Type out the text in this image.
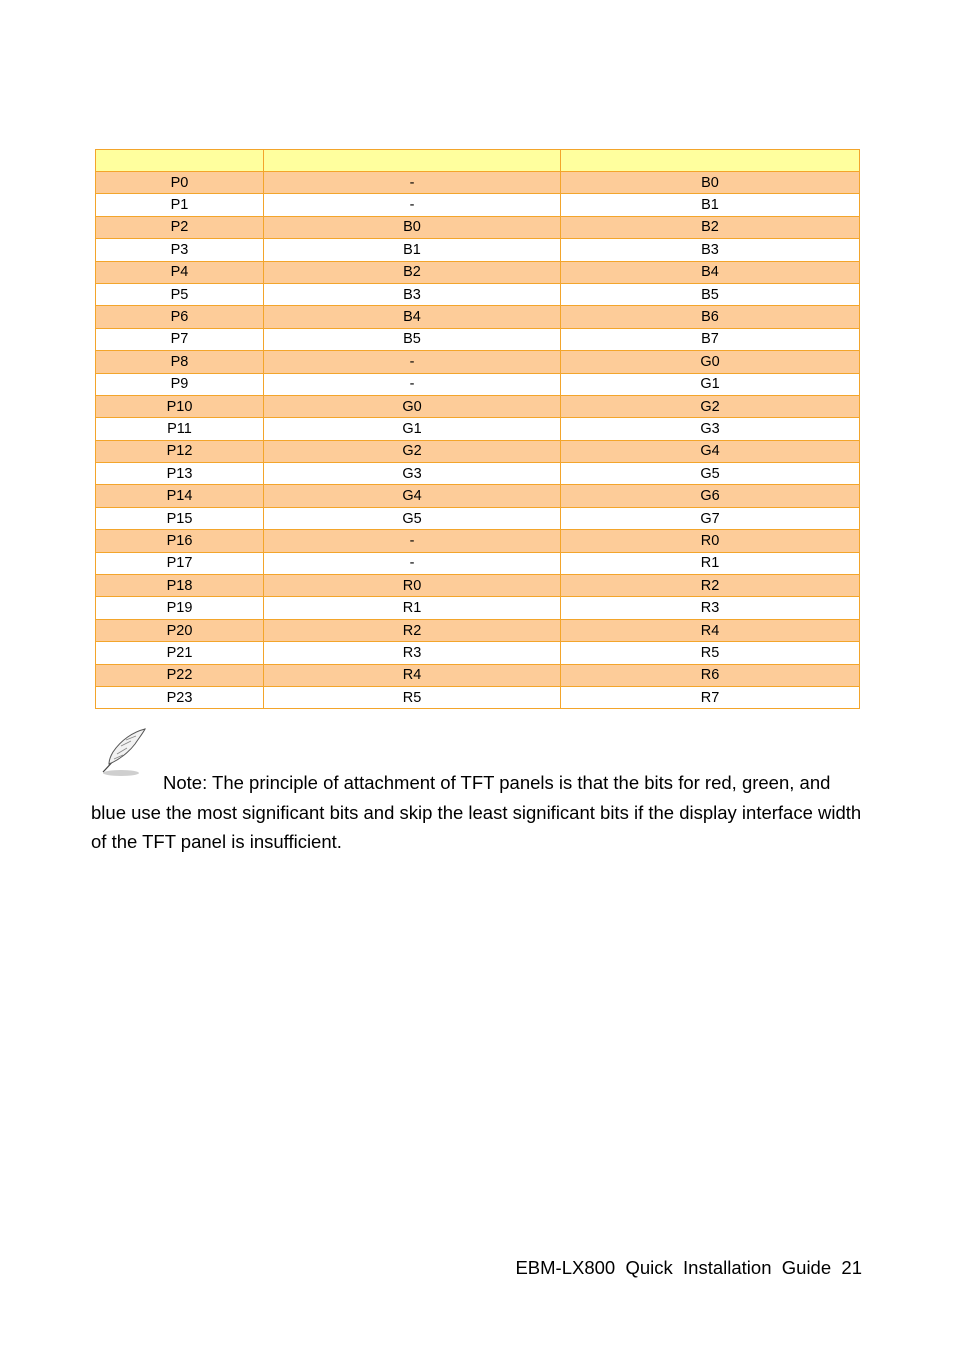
P0	-	B0
P1	-	B1
P2	B0	B2
P3	B1	B3
P4	B2	B4
P5	B3	B5
P6	B4	B6
P7	B5	B7
P8	-	G0
P9	-	G1
P10	G0	G2
P11	G1	G3
P12	G2	G4
P13	G3	G5
P14	G4	G6
P15	G5	G7
P16	-	R0
P17	-	R1
P18	R0	R2
P19	R1	R3
P20	R2	R4
P21	R3	R5
P22	R4	R6
P23	R5	R7

Note: The principle of attachment of TFT panels is that the bits for red, green, and blue use the most significant bits and skip the least significant bits if the display interface width of the TFT panel is insufficient.

EBM-LX800  Quick  Installation  Guide  21
